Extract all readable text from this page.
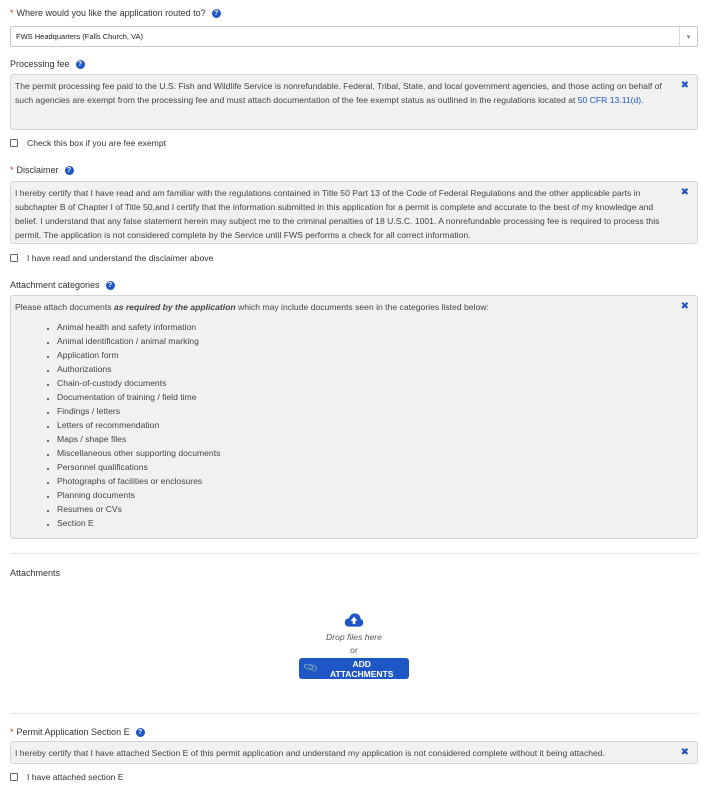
* Where would you like the application routed to?	?
FWS Headquarters (Falls Church, VA)	▾
Processing fee	?
The permit processing fee paid to the U.S. Fish and Wildlife Service is nonrefundable. Federal, Tribal, State, and local government agencies, and those acting on behalf of such agencies are exempt from the processing fee and must attach documentation of the fee exempt status as outlined in the regulations located at 50 CFR 13.11(d).
✖
Check this box if you are fee exempt
* Disclaimer	?
I hereby certify that I have read and am familiar with the regulations contained in Title 50 Part 13 of the Code of Federal Regulations and the other applicable parts in subchapter B of Chapter I of Title 50,and I certify that the information submitted in this application for a permit is complete and accurate to the best of my knowledge and belief. I understand that any false statement herein may subject me to the criminal penalties of 18 U.S.C. 1001. A nonrefundable processing fee is required to process this permit. The application is not considered complete by the Service until FWS performs a check for all correct information.
✖
I have read and understand the disclaimer above
Attachment categories	?
Please attach documents as required by the application which may include documents seen in the categories listed below:
• Animal health and safety information
• Animal identification / animal marking
• Application form
• Authorizations
• Chain-of-custody documents
• Documentation of training / field time
• Findings / letters
• Letters of recommendation
• Maps / shape files
• Miscellaneous other supporting documents
• Personnel qualifications
• Photographs of facilities or enclosures
• Planning documents
• Resumes or CVs
• Section E
✖
Attachments
Drop files here
or
📎	ADD ATTACHMENTS
* Permit Application Section E	?
I hereby certify that I have attached Section E of this permit application and understand my application is not considered complete without it being attached.	✖
I have attached section E
